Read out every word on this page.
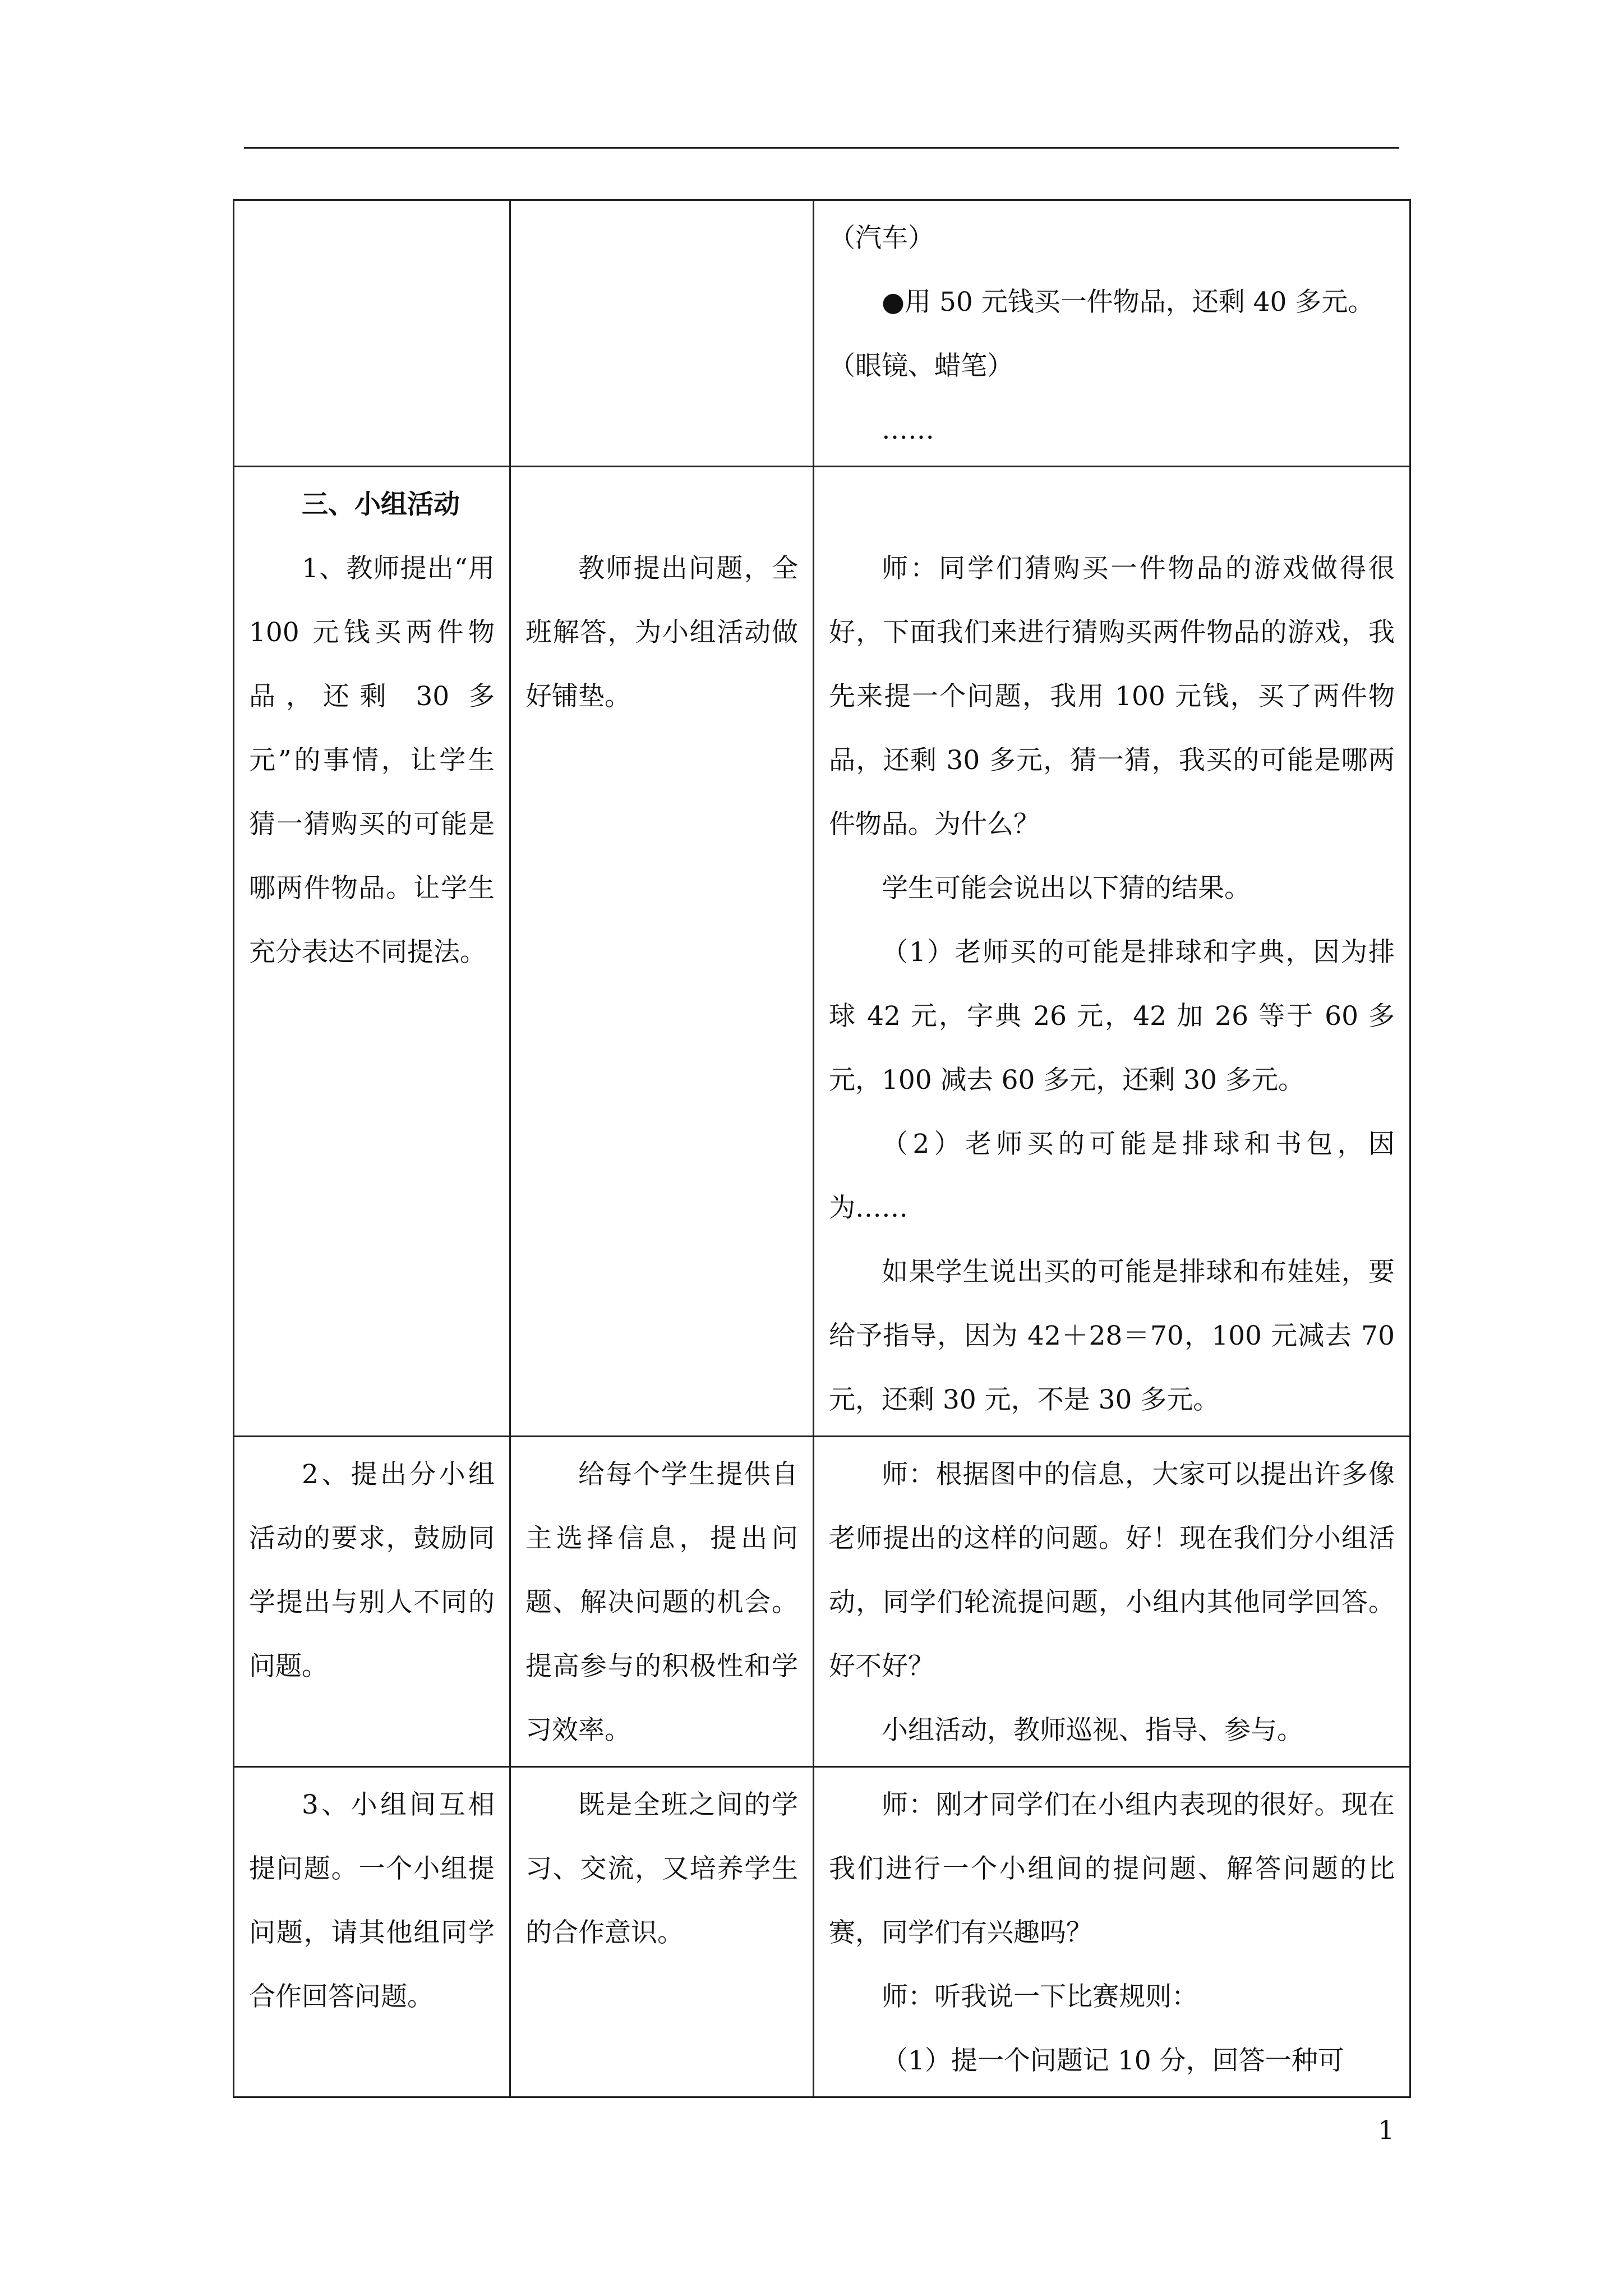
		（汽车）
●用 50 元钱买一件物品，还剩 40 多元。
（眼镜、蜡笔）
……

三、小组活动
1、教师提出“用 100 元钱买两件物品，还剩 30 多元”的事情，让学生猜一猜购买的可能是哪两件物品。让学生充分表达不同提法。	教师提出问题，全班解答，为小组活动做好铺垫。	师：同学们猜购买一件物品的游戏做得很好，下面我们来进行猜购买两件物品的游戏，我先来提一个问题，我用 100 元钱，买了两件物品，还剩 30 多元，猜一猜，我买的可能是哪两件物品。为什么？
学生可能会说出以下猜的结果。
（1）老师买的可能是排球和字典，因为排球 42 元，字典 26 元，42 加 26 等于 60 多元，100 减去 60 多元，还剩 30 多元。
（2）老师买的可能是排球和书包，因为……
如果学生说出买的可能是排球和布娃娃，要给予指导，因为 42＋28＝70，100 元减去 70 元，还剩 30 元，不是 30 多元。

2、提出分小组活动的要求，鼓励同学提出与别人不同的问题。	给每个学生提供自主选择信息，提出问题、解决问题的机会。提高参与的积极性和学习效率。	师：根据图中的信息，大家可以提出许多像老师提出的这样的问题。好！现在我们分小组活动，同学们轮流提问题，小组内其他同学回答。好不好？
小组活动，教师巡视、指导、参与。

3、小组间互相提问题。一个小组提问题，请其他组同学合作回答问题。	既是全班之间的学习、交流，又培养学生的合作意识。	师：刚才同学们在小组内表现的很好。现在我们进行一个小组间的提问题、解答问题的比赛，同学们有兴趣吗？
师：听我说一下比赛规则：
（1）提一个问题记 10 分，回答一种可
1
